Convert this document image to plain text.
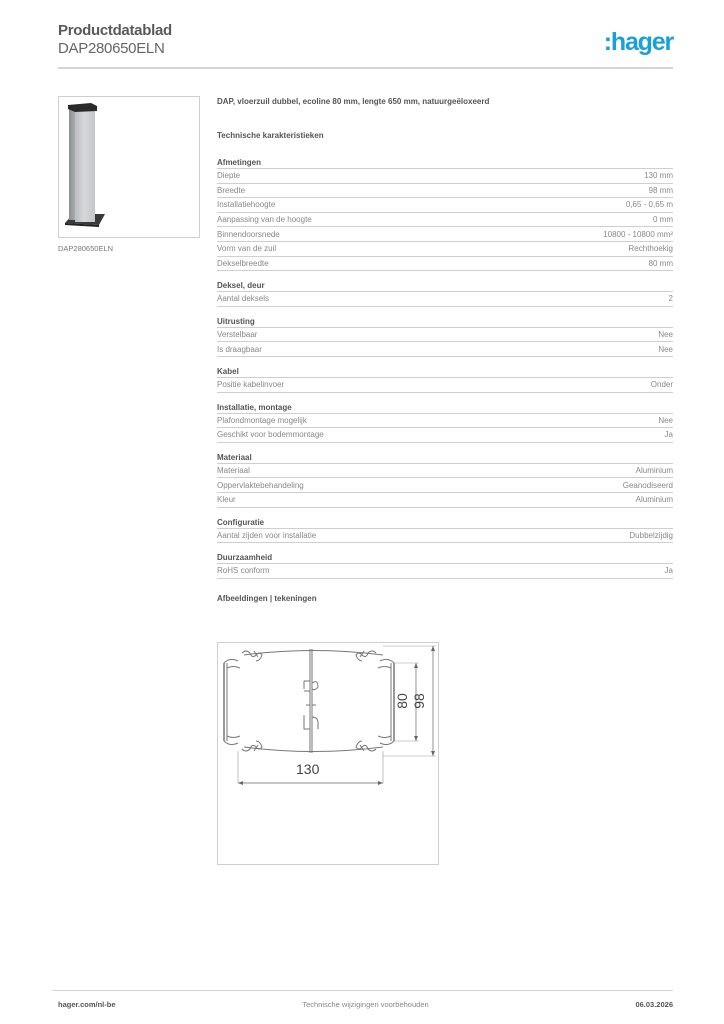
Productdatablad
DAP280650ELN	:hager
DAP280650ELN
DAP, vloerzuil dubbel, ecoline 80 mm, lengte 650 mm, natuurgeëloxeerd
Technische karakteristieken
Afmetingen
Diepte	130 mm
Breedte	98 mm
Installatiehoogte	0,65 - 0,65 m
Aanpassing van de hoogte	0 mm
Binnendoorsnede	10800 - 10800 mm²
Vorm van de zuil	Rechthoekig
Dekselbreedte	80 mm
Deksel, deur
Aantal deksels	2
Uitrusting
Verstelbaar	Nee
Is draagbaar	Nee
Kabel
Positie kabelinvoer	Onder
Installatie, montage
Plafondmontage mogelijk	Nee
Geschikt voor bodemmontage	Ja
Materiaal
Materiaal	Aluminium
Oppervlaktebehandeling	Geanodiseerd
Kleur	Aluminium
Configuratie
Aantal zijden voor installatie	Dubbelzijdig
Duurzaamheid
RoHS conform	Ja
Afbeeldingen | tekeningen
130
80 98
hager.com/nl-be	Technische wijzigingen voorbehouden	06.03.2026
